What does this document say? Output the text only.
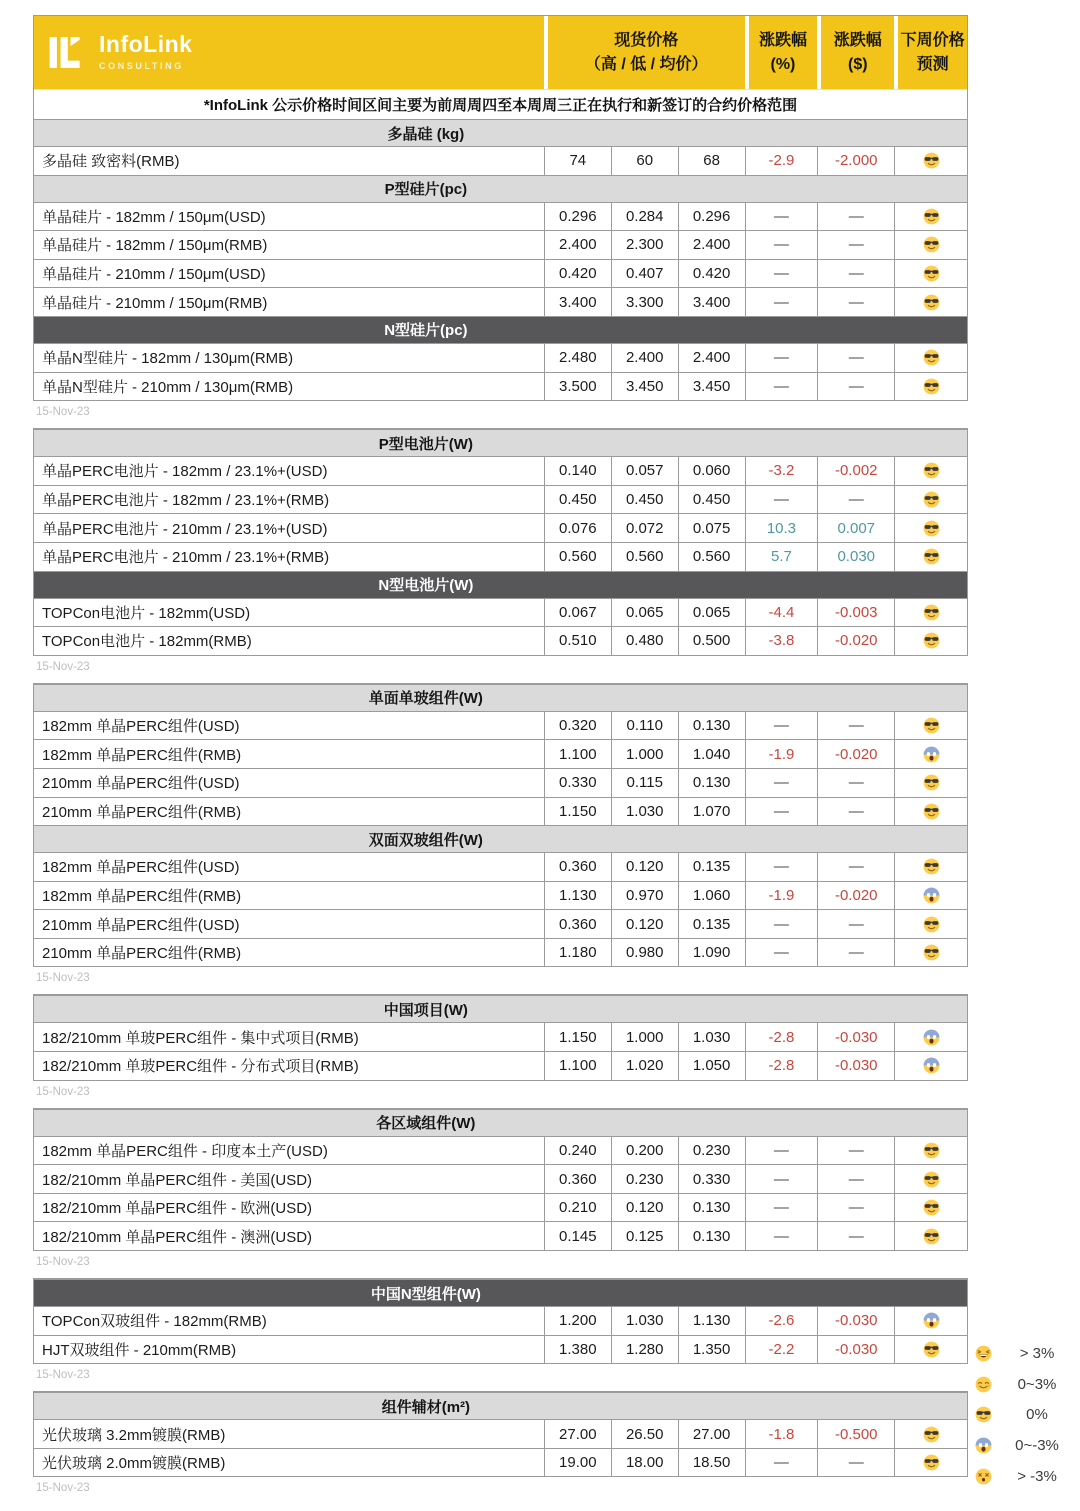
InfoLink
CONSULTING
现货价格
（高 / 低 / 均价）
涨跌幅
(%)
涨跌幅
($)
下周价格
预测
*InfoLink 公示价格时间区间主要为前周周四至本周周三正在执行和新签订的合约价格范围
多晶硅 (kg)
多晶硅 致密料(RMB)	74	60	68	-2.9	-2.000
P型硅片(pc)
单晶硅片 - 182mm / 150μm(USD)	0.296	0.284	0.296	—	—
单晶硅片 - 182mm / 150μm(RMB)	2.400	2.300	2.400	—	—
单晶硅片 - 210mm / 150μm(USD)	0.420	0.407	0.420	—	—
单晶硅片 - 210mm / 150μm(RMB)	3.400	3.300	3.400	—	—
N型硅片(pc)
单晶N型硅片 - 182mm / 130μm(RMB)	2.480	2.400	2.400	—	—
单晶N型硅片 - 210mm / 130μm(RMB)	3.500	3.450	3.450	—	—
15-Nov-23
P型电池片(W)
单晶PERC电池片 - 182mm / 23.1%+(USD)	0.140	0.057	0.060	-3.2	-0.002
单晶PERC电池片 - 182mm / 23.1%+(RMB)	0.450	0.450	0.450	—	—
单晶PERC电池片 - 210mm / 23.1%+(USD)	0.076	0.072	0.075	10.3	0.007
单晶PERC电池片 - 210mm / 23.1%+(RMB)	0.560	0.560	0.560	5.7	0.030
N型电池片(W)
TOPCon电池片 - 182mm(USD)	0.067	0.065	0.065	-4.4	-0.003
TOPCon电池片 - 182mm(RMB)	0.510	0.480	0.500	-3.8	-0.020
15-Nov-23
单面单玻组件(W)
182mm 单晶PERC组件(USD)	0.320	0.110	0.130	—	—
182mm 单晶PERC组件(RMB)	1.100	1.000	1.040	-1.9	-0.020
210mm 单晶PERC组件(USD)	0.330	0.115	0.130	—	—
210mm 单晶PERC组件(RMB)	1.150	1.030	1.070	—	—
双面双玻组件(W)
182mm 单晶PERC组件(USD)	0.360	0.120	0.135	—	—
182mm 单晶PERC组件(RMB)	1.130	0.970	1.060	-1.9	-0.020
210mm 单晶PERC组件(USD)	0.360	0.120	0.135	—	—
210mm 单晶PERC组件(RMB)	1.180	0.980	1.090	—	—
15-Nov-23
中国项目(W)
182/210mm 单玻PERC组件 - 集中式项目(RMB)	1.150	1.000	1.030	-2.8	-0.030
182/210mm 单玻PERC组件 - 分布式项目(RMB)	1.100	1.020	1.050	-2.8	-0.030
15-Nov-23
各区域组件(W)
182mm 单晶PERC组件 - 印度本土产(USD)	0.240	0.200	0.230	—	—
182/210mm 单晶PERC组件 - 美国(USD)	0.360	0.230	0.330	—	—
182/210mm 单晶PERC组件 - 欧洲(USD)	0.210	0.120	0.130	—	—
182/210mm 单晶PERC组件 - 澳洲(USD)	0.145	0.125	0.130	—	—
15-Nov-23
中国N型组件(W)
TOPCon双玻组件 - 182mm(RMB)	1.200	1.030	1.130	-2.6	-0.030
HJT双玻组件 - 210mm(RMB)	1.380	1.280	1.350	-2.2	-0.030
15-Nov-23
组件辅材(m²)
光伏玻璃 3.2mm镀膜(RMB)	27.00	26.50	27.00	-1.8	-0.500
光伏玻璃 2.0mm镀膜(RMB)	19.00	18.00	18.50	—	—
15-Nov-23
> 3%
0~3%
0%
0~-3%
> -3%
